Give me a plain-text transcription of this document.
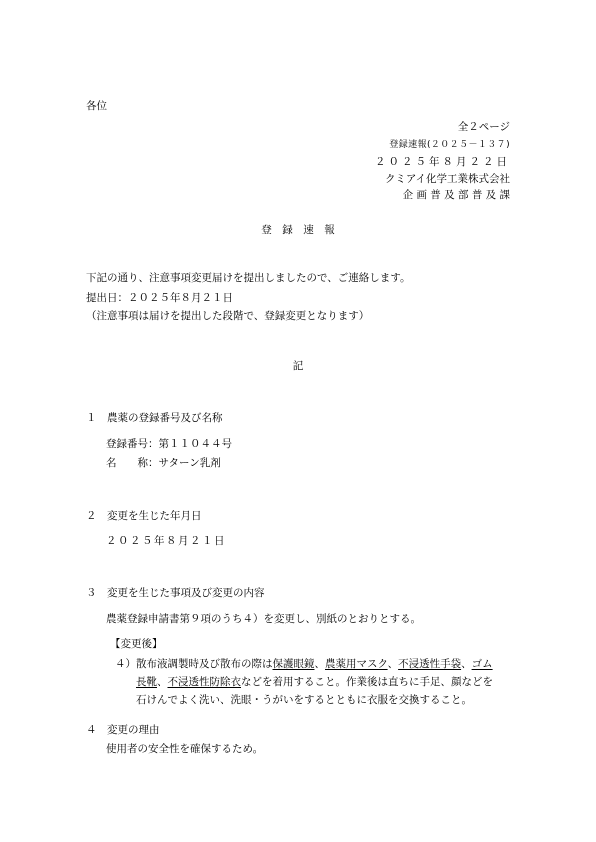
各位
全２ページ
登録速報(２０２５－１３７)
２０２５年８月２２日
クミアイ化学工業株式会社
企 画 普 及 部 普 及 課
登　録　速　報
下記の通り、注意事項変更届けを提出しましたので、ご連絡します。
提出日：２０２５年８月２１日
（注意事項は届けを提出した段階で、登録変更となります）
記
１　農薬の登録番号及び名称
登録番号：第１１０４４号
名　　称：サターン乳剤
２　変更を生じた年月日
２０２５年８月２１日
３　変更を生じた事項及び変更の内容
農薬登録申請書第９項のうち４）を変更し、別紙のとおりとする。
【変更後】
４） 散布液調製時及び散布の際は保護眼鏡、農薬用マスク、不浸透性手袋、ゴム
長靴、不浸透性防除衣などを着用すること。作業後は直ちに手足、顔などを
石けんでよく洗い、洗眼・うがいをするとともに衣服を交換すること。
４　変更の理由
使用者の安全性を確保するため。
